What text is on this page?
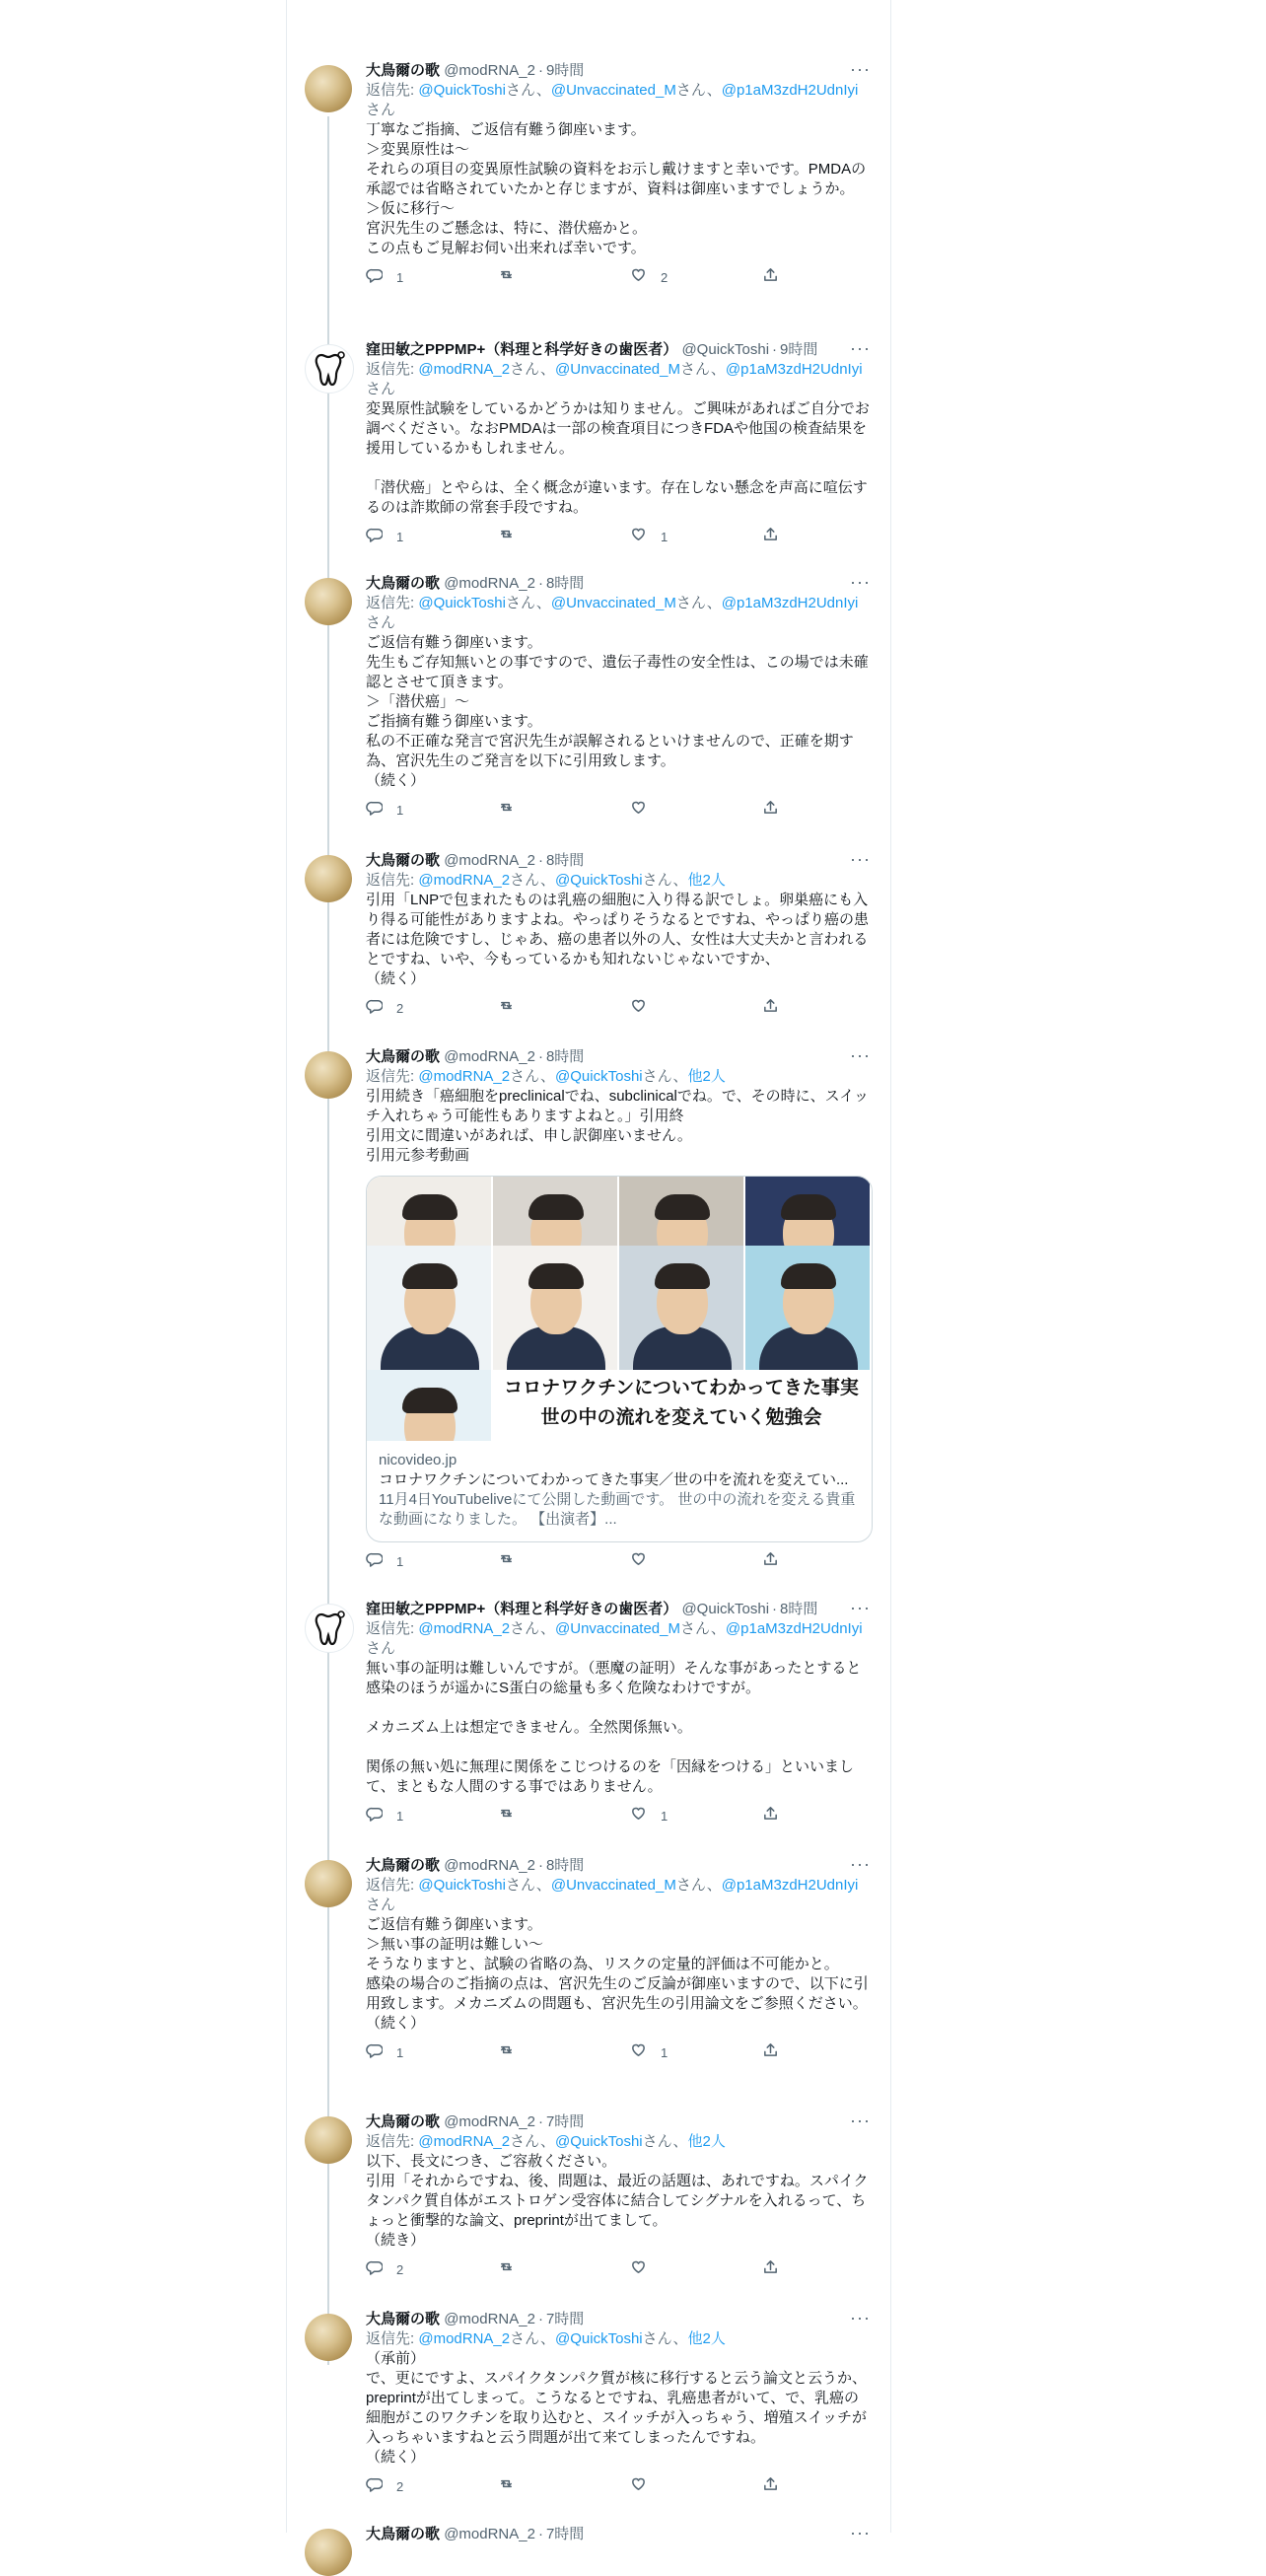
大鳥爾の歌 @modRNA_2 · 9時間	···
返信先: @QuickToshiさん、@Unvaccinated_Mさん、@p1aM3zdH2UdnIyiさん
丁寧なご指摘、ご返信有難う御座います。
＞変異原性は～
それらの項目の変異原性試験の資料をお示し戴けますと幸いです。PMDAの承認では省略されていたかと存じますが、資料は御座いますでしょうか。
＞仮に移行～
宮沢先生のご懸念は、特に、潜伏癌かと。
この点もご見解お伺い出来れば幸いです。
1	2
窪田敏之PPPMP+（料理と科学好きの歯医者） @QuickToshi · 9時間 ···
返信先: @modRNA_2さん、@Unvaccinated_Mさん、@p1aM3zdH2UdnIyiさん
変異原性試験をしているかどうかは知りません。ご興味があればご自分でお調べください。なおPMDAは一部の検査項目につきFDAや他国の検査結果を援用しているかもしれません。

「潜伏癌」とやらは、全く概念が違います。存在しない懸念を声高に喧伝するのは詐欺師の常套手段ですね。
1	1
大鳥爾の歌 @modRNA_2 · 8時間	···
返信先: @QuickToshiさん、@Unvaccinated_Mさん、@p1aM3zdH2UdnIyiさん
ご返信有難う御座います。
先生もご存知無いとの事ですので、遺伝子毒性の安全性は、この場では未確認とさせて頂きます。
＞「潜伏癌」～
ご指摘有難う御座います。
私の不正確な発言で宮沢先生が誤解されるといけませんので、正確を期す為、宮沢先生のご発言を以下に引用致します。
（続く）
1
大鳥爾の歌 @modRNA_2 · 8時間	···
返信先: @modRNA_2さん、@QuickToshiさん、他2人
引用「LNPで包まれたものは乳癌の細胞に入り得る訳でしょ。卵巣癌にも入り得る可能性がありますよね。やっぱりそうなるとですね、やっぱり癌の患者には危険ですし、じゃあ、癌の患者以外の人、女性は大丈夫かと言われるとですね、いや、今もっているかも知れないじゃないですか、
（続く）
2
大鳥爾の歌 @modRNA_2 · 8時間	···
返信先: @modRNA_2さん、@QuickToshiさん、他2人
引用続き「癌細胞をpreclinicalでね、subclinicalでね。で、その時に、スイッチ入れちゃう可能性もありますよねと。」引用終
引用文に間違いがあれば、申し訳御座いません。
引用元参考動画
コロナワクチンについてわかってきた事実
世の中の流れを変えていく勉強会
nicovideo.jp
コロナワクチンについてわかってきた事実／世の中を流れを変えてい...
11月4日YouTubeliveにて公開した動画です。 世の中の流れを変える貴重な動画になりました。 【出演者】...
1
窪田敏之PPPMP+（料理と科学好きの歯医者） @QuickToshi · 8時間 ···
返信先: @modRNA_2さん、@Unvaccinated_Mさん、@p1aM3zdH2UdnIyiさん
無い事の証明は難しいんですが。（悪魔の証明）そんな事があったとすると感染のほうが遥かにS蛋白の総量も多く危険なわけですが。

メカニズム上は想定できません。全然関係無い。

関係の無い処に無理に関係をこじつけるのを「因縁をつける」といいまして、まともな人間のする事ではありません。
1	1
大鳥爾の歌 @modRNA_2 · 8時間	···
返信先: @QuickToshiさん、@Unvaccinated_Mさん、@p1aM3zdH2UdnIyiさん
ご返信有難う御座います。
＞無い事の証明は難しい～
そうなりますと、試験の省略の為、リスクの定量的評価は不可能かと。
感染の場合のご指摘の点は、宮沢先生のご反論が御座いますので、以下に引用致します。メカニズムの問題も、宮沢先生の引用論文をご参照ください。
（続く）
1	1
大鳥爾の歌 @modRNA_2 · 7時間	···
返信先: @modRNA_2さん、@QuickToshiさん、他2人
以下、長文につき、ご容赦ください。
引用「それからですね、後、問題は、最近の話題は、あれですね。スパイクタンパク質自体がエストロゲン受容体に結合してシグナルを入れるって、ちょっと衝撃的な論文、preprintが出てまして。
（続き）
2
大鳥爾の歌 @modRNA_2 · 7時間	···
返信先: @modRNA_2さん、@QuickToshiさん、他2人
（承前）
で、更にですよ、スパイクタンパク質が核に移行すると云う論文と云うか、preprintが出てしまって。こうなるとですね、乳癌患者がいて、で、乳癌の細胞がこのワクチンを取り込むと、スイッチが入っちゃう、増殖スイッチが入っちゃいますねと云う問題が出て来てしまったんですね。
（続く）
2
大鳥爾の歌 @modRNA_2 · 7時間	···
